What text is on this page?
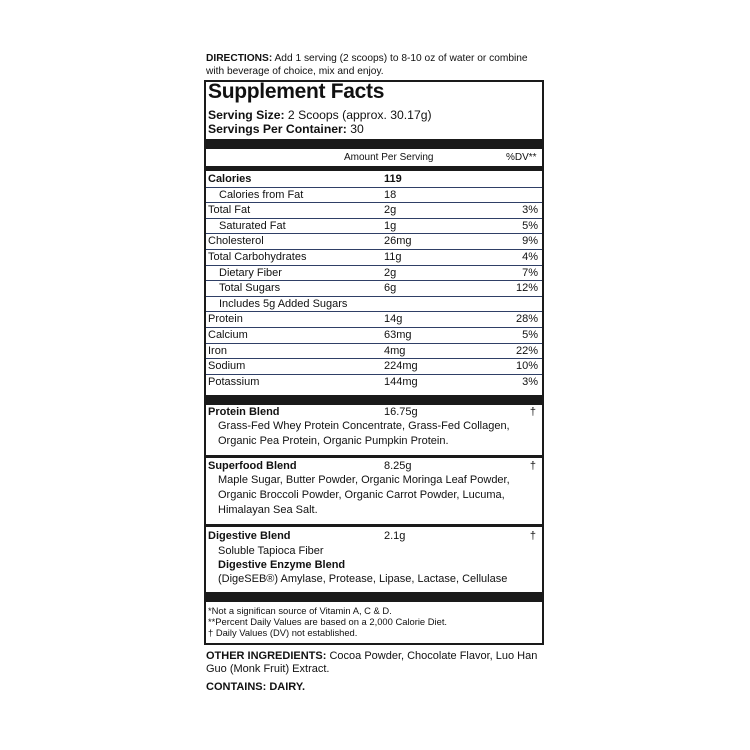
DIRECTIONS: Add 1 serving (2 scoops) to 8-10 oz of water or combine with beverage of choice, mix and enjoy.
Supplement Facts
Serving Size: 2 Scoops (approx. 30.17g)
Servings Per Container: 30
Amount Per Serving	%DV**
Calories	119
Calories from Fat	18
Total Fat	2g	3%
Saturated Fat	1g	5%
Cholesterol	26mg	9%
Total Carbohydrates	11g	4%
Dietary Fiber	2g	7%
Total Sugars	6g	12%
Includes 5g Added Sugars
Protein	14g	28%
Calcium	63mg	5%
Iron	4mg	22%
Sodium	224mg	10%
Potassium	144mg	3%
Protein Blend	16.75g	†
Grass-Fed Whey Protein Concentrate, Grass-Fed Collagen, Organic Pea Protein, Organic Pumpkin Protein.
Superfood Blend	8.25g	†
Maple Sugar, Butter Powder, Organic Moringa Leaf Powder, Organic Broccoli Powder, Organic Carrot Powder, Lucuma, Himalayan Sea Salt.
Digestive Blend	2.1g	†
Soluble Tapioca Fiber
Digestive Enzyme Blend
(DigeSEB®) Amylase, Protease, Lipase, Lactase, Cellulase
*Not a significan source of Vitamin A, C & D.
**Percent Daily Values are based on a 2,000 Calorie Diet.
† Daily Values (DV) not established.
OTHER INGREDIENTS: Cocoa Powder, Chocolate Flavor, Luo Han Guo (Monk Fruit) Extract.
CONTAINS: DAIRY.
